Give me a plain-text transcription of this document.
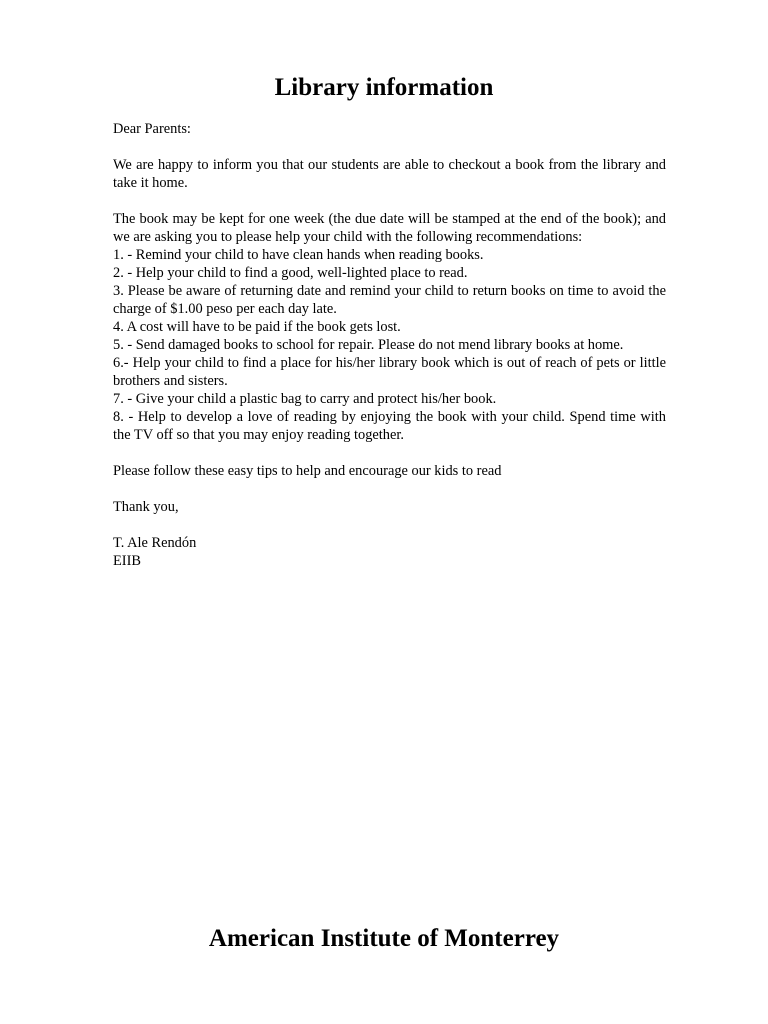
Library information

Dear Parents:

We are happy to inform you that our students are able to checkout a book from the library and take it home.

The book may be kept for one week (the due date will be stamped at the end of the book); and we are asking you to please help your child with the following recommendations:

1. - Remind your child to have clean hands when reading books.

2. - Help your child to find a good, well-lighted place to read.

3. Please be aware of returning date and remind your child to return books on time to avoid the charge of $1.00 peso per each day late.

4. A cost will have to be paid if the book gets lost.

5. - Send damaged books to school for repair. Please do not mend library books at home.

6.- Help your child to find a place for his/her library book which is out of reach of pets or little brothers and sisters.

7. - Give your child a plastic bag to carry and protect his/her book.

8. - Help to develop a love of reading by enjoying the book with your child. Spend time with the TV off so that you may enjoy reading together.

Please follow these easy tips to help and encourage our kids to read

Thank you,

T. Ale Rendón

EIIB

American Institute of Monterrey
